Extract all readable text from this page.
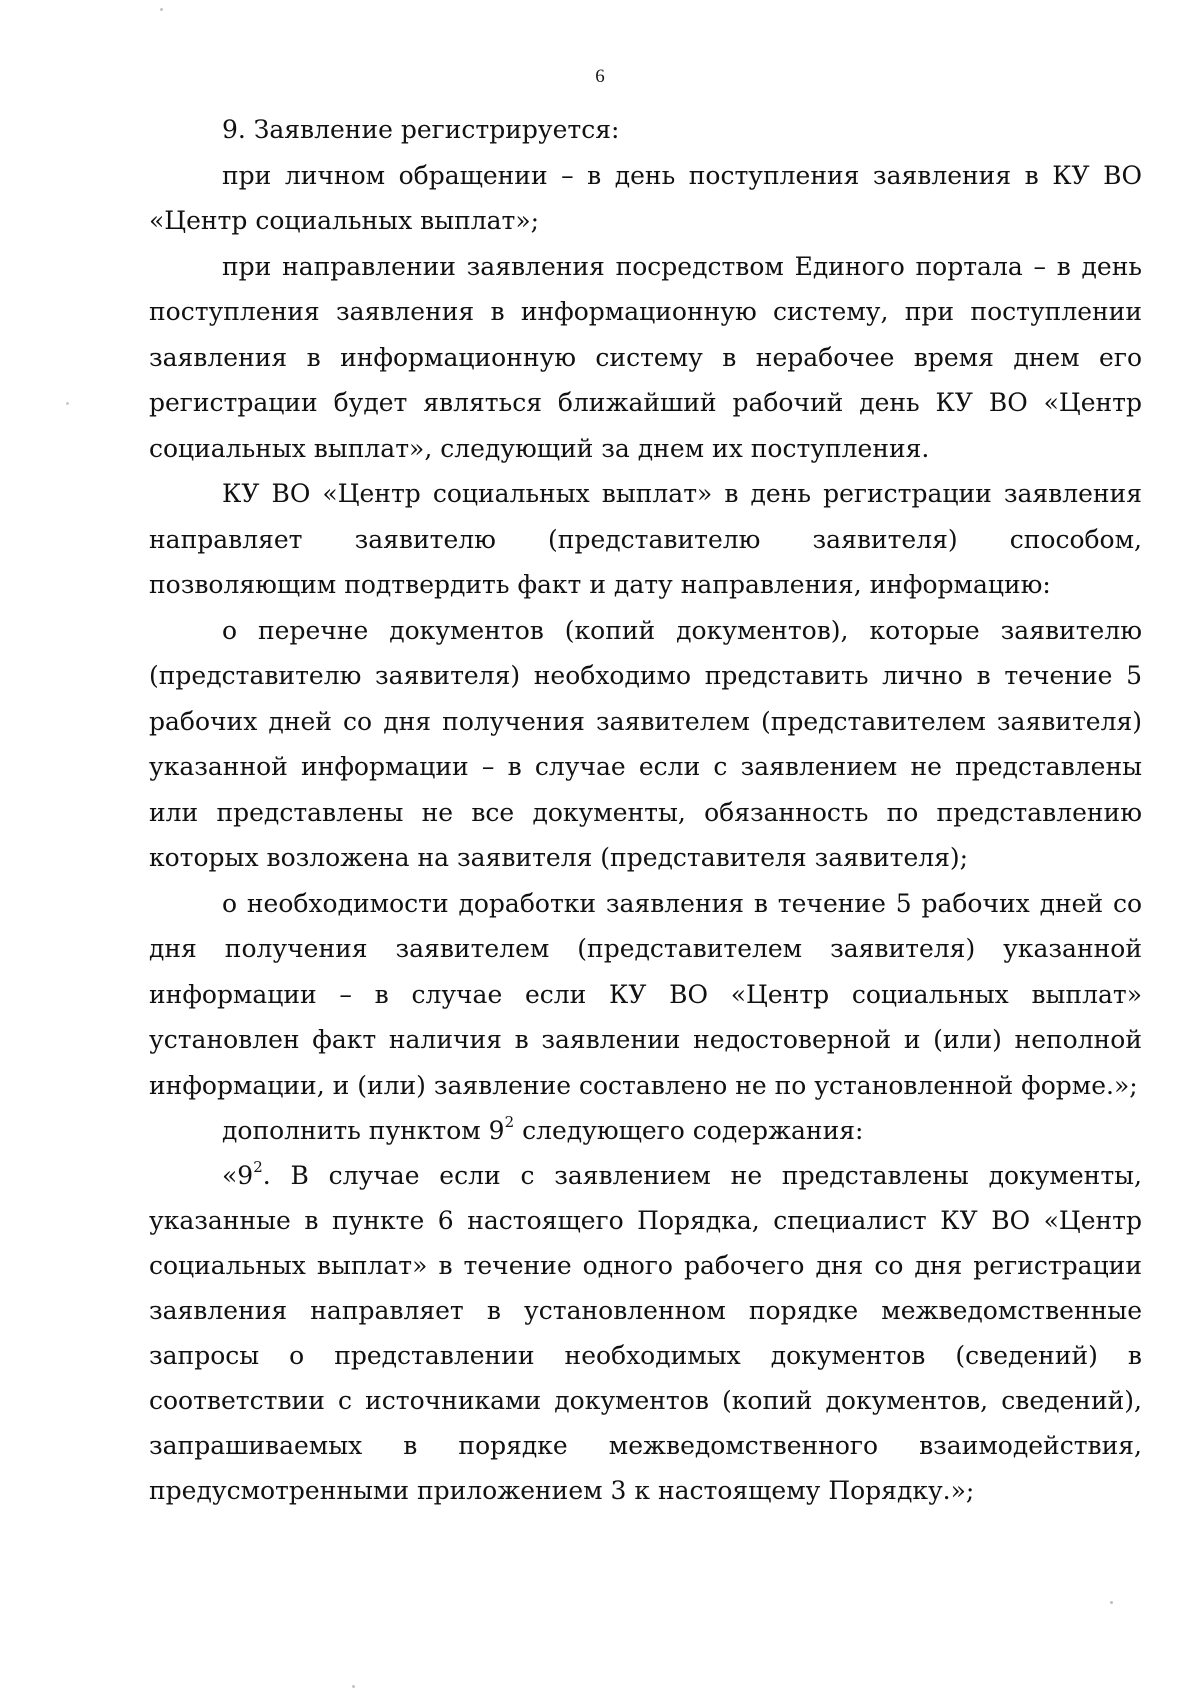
6

9. Заявление регистрируется:

при личном обращении – в день поступления заявления в КУ ВО «Центр социальных выплат»;

при направлении заявления посредством Единого портала – в день поступления заявления в информационную систему, при поступлении заявления в информационную систему в нерабочее время днем его регистрации будет являться ближайший рабочий день КУ ВО «Центр социальных выплат», следующий за днем их поступления.

КУ ВО «Центр социальных выплат» в день регистрации заявления направляет заявителю (представителю заявителя) способом, позволяющим подтвердить факт и дату направления, информацию:

о перечне документов (копий документов), которые заявителю (представителю заявителя) необходимо представить лично в течение 5 рабочих дней со дня получения заявителем (представителем заявителя) указанной информации – в случае если с заявлением не представлены или представлены не все документы, обязанность по представлению которых возложена на заявителя (представителя заявителя);

о необходимости доработки заявления в течение 5 рабочих дней со дня получения заявителем (представителем заявителя) указанной информации – в случае если КУ ВО «Центр социальных выплат» установлен факт наличия в заявлении недостоверной и (или) неполной информации, и (или) заявление составлено не по установленной форме.»;

дополнить пунктом $9^2$ следующего содержания:

«$9^2$. В случае если с заявлением не представлены документы, указанные в пункте 6 настоящего Порядка, специалист КУ ВО «Центр социальных выплат» в течение одного рабочего дня со дня регистрации заявления направляет в установленном порядке межведомственные запросы о представлении необходимых документов (сведений) в соответствии с источниками документов (копий документов, сведений), запрашиваемых в порядке межведомственного взаимодействия, предусмотренными приложением 3 к настоящему Порядку.»;
